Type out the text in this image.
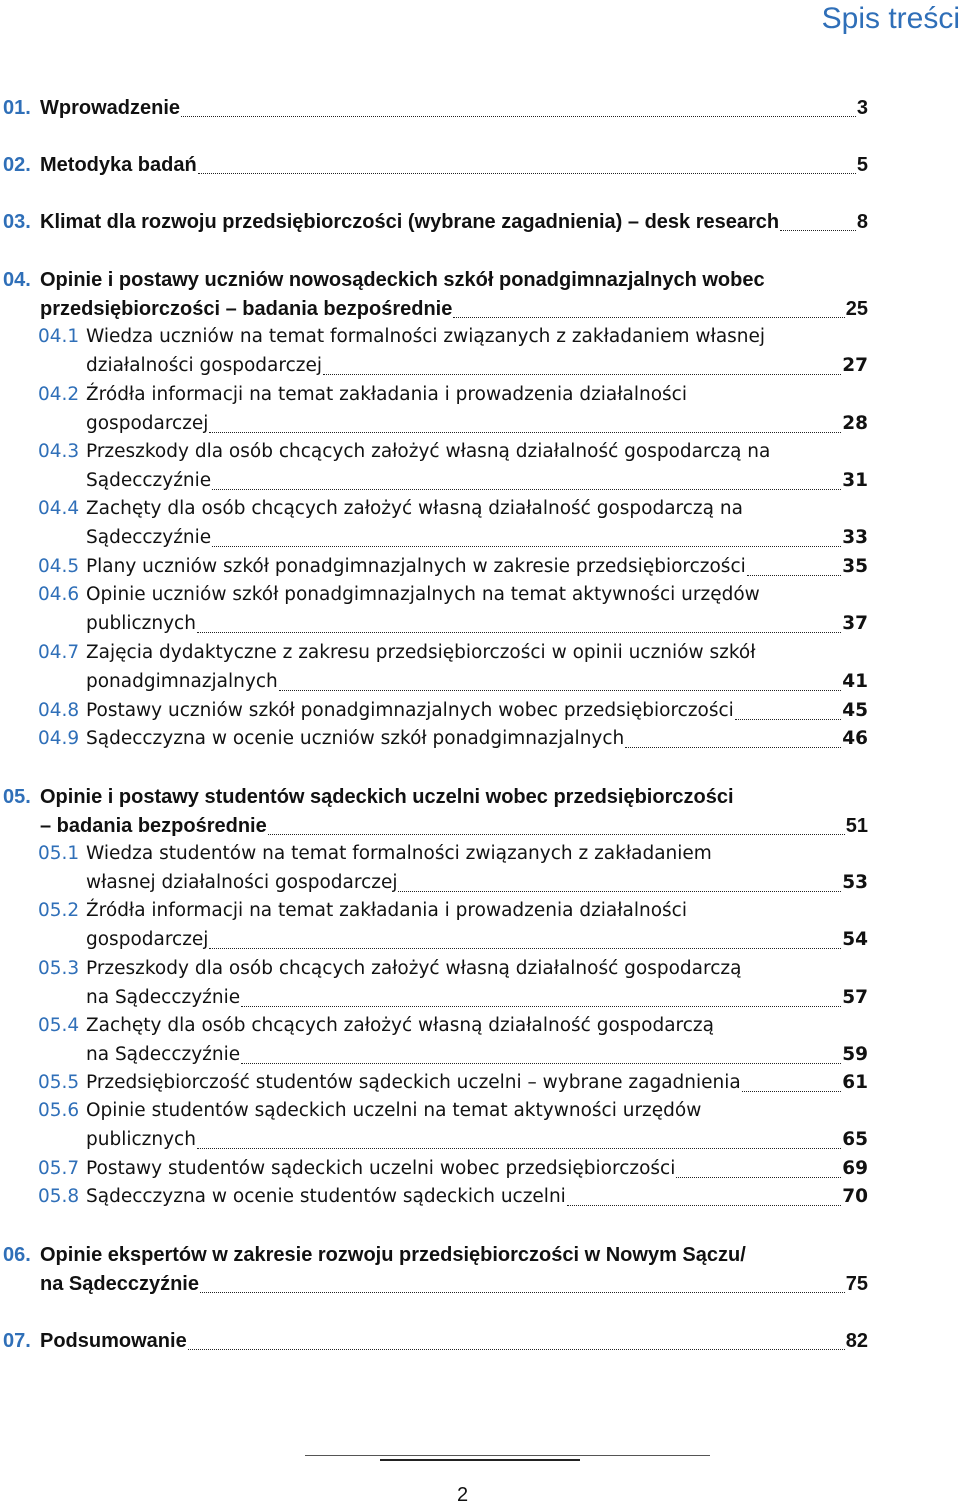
Spis treści
01. Wprowadzenie	3
02. Metodyka badań	5
03. Klimat dla rozwoju przedsiębiorczości (wybrane zagadnienia) – desk research	8
04. Opinie i postawy uczniów nowosądeckich szkół ponadgimnazjalnych wobec
przedsiębiorczości – badania bezpośrednie	25
04.1 Wiedza uczniów na temat formalności związanych z zakładaniem własnej
działalności gospodarczej	27
04.2 Źródła informacji na temat zakładania i prowadzenia działalności
gospodarczej	28
04.3 Przeszkody dla osób chcących założyć własną działalność gospodarczą na
Sądecczyźnie	31
04.4 Zachęty dla osób chcących założyć własną działalność gospodarczą na
Sądecczyźnie	33
04.5 Plany uczniów szkół ponadgimnazjalnych w zakresie przedsiębiorczości	35
04.6 Opinie uczniów szkół ponadgimnazjalnych na temat aktywności urzędów
publicznych	37
04.7 Zajęcia dydaktyczne z zakresu przedsiębiorczości w opinii uczniów szkół
ponadgimnazjalnych	41
04.8 Postawy uczniów szkół ponadgimnazjalnych wobec przedsiębiorczości	45
04.9 Sądecczyzna w ocenie uczniów szkół ponadgimnazjalnych	46
05. Opinie i postawy studentów sądeckich uczelni wobec przedsiębiorczości
– badania bezpośrednie	51
05.1 Wiedza studentów na temat formalności związanych z zakładaniem
własnej działalności gospodarczej	53
05.2 Źródła informacji na temat zakładania i prowadzenia działalności
gospodarczej	54
05.3 Przeszkody dla osób chcących założyć własną działalność gospodarczą
na Sądecczyźnie	57
05.4 Zachęty dla osób chcących założyć własną działalność gospodarczą
na Sądecczyźnie	59
05.5 Przedsiębiorczość studentów sądeckich uczelni – wybrane zagadnienia	61
05.6 Opinie studentów sądeckich uczelni na temat aktywności urzędów
publicznych	65
05.7 Postawy studentów sądeckich uczelni wobec przedsiębiorczości	69
05.8 Sądecczyzna w ocenie studentów sądeckich uczelni	70
06. Opinie ekspertów w zakresie rozwoju przedsiębiorczości w Nowym Sączu/
na Sądecczyźnie	75
07. Podsumowanie	82
2
